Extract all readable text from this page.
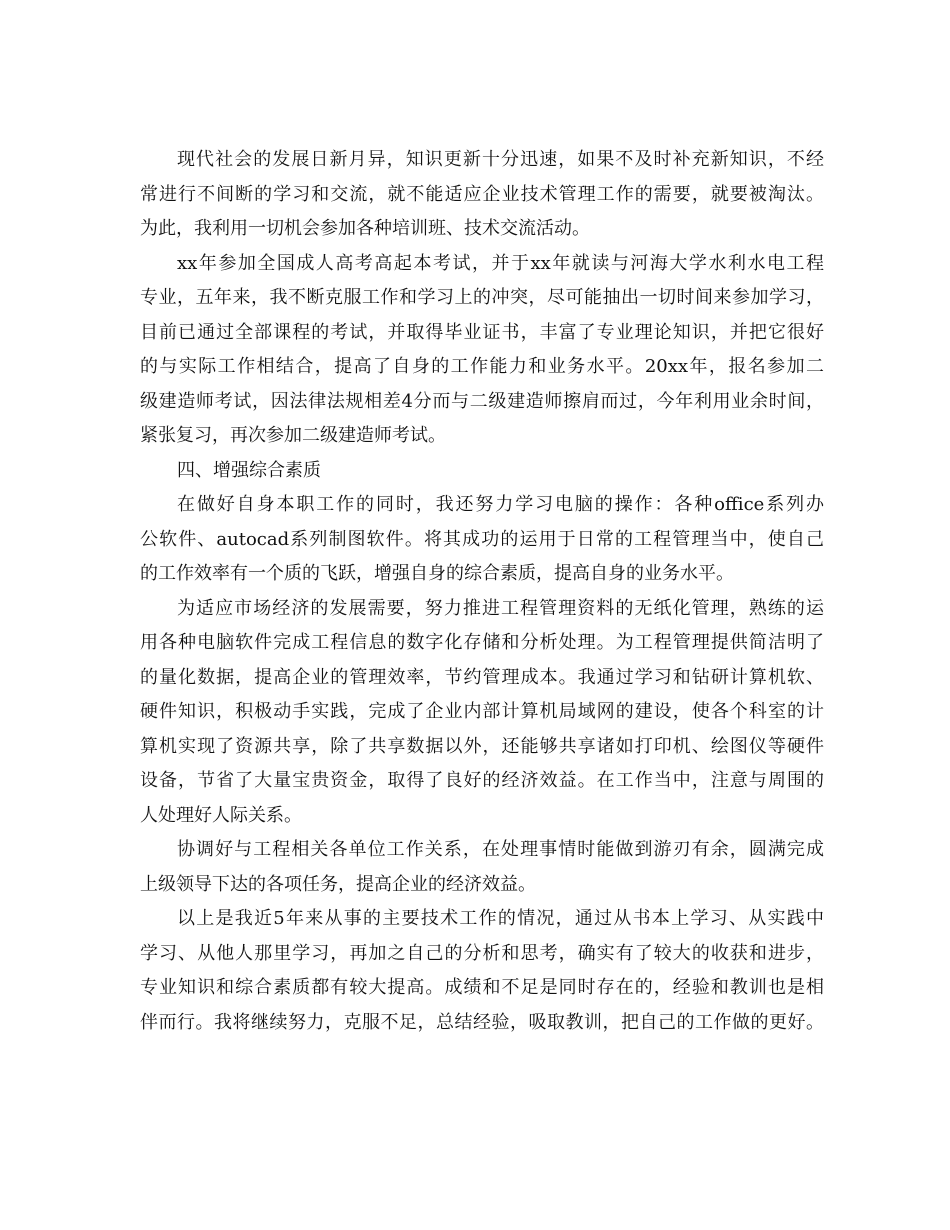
现代社会的发展日新月异，知识更新十分迅速，如果不及时补充新知识，不经
常进行不间断的学习和交流，就不能适应企业技术管理工作的需要，就要被淘汰。
为此，我利用一切机会参加各种培训班、技术交流活动。
xx年参加全国成人高考高起本考试，并于xx年就读与河海大学水利水电工程
专业，五年来，我不断克服工作和学习上的冲突，尽可能抽出一切时间来参加学习，
目前已通过全部课程的考试，并取得毕业证书，丰富了专业理论知识，并把它很好
的与实际工作相结合，提高了自身的工作能力和业务水平。20xx年，报名参加二
级建造师考试，因法律法规相差4分而与二级建造师擦肩而过，今年利用业余时间，
紧张复习，再次参加二级建造师考试。
四、增强综合素质
在做好自身本职工作的同时，我还努力学习电脑的操作：各种office系列办
公软件、autocad系列制图软件。将其成功的运用于日常的工程管理当中，使自己
的工作效率有一个质的飞跃，增强自身的综合素质，提高自身的业务水平。
为适应市场经济的发展需要，努力推进工程管理资料的无纸化管理，熟练的运
用各种电脑软件完成工程信息的数字化存储和分析处理。为工程管理提供简洁明了
的量化数据，提高企业的管理效率，节约管理成本。我通过学习和钻研计算机软、
硬件知识，积极动手实践，完成了企业内部计算机局域网的建设，使各个科室的计
算机实现了资源共享，除了共享数据以外，还能够共享诸如打印机、绘图仪等硬件
设备，节省了大量宝贵资金，取得了良好的经济效益。在工作当中，注意与周围的
人处理好人际关系。
协调好与工程相关各单位工作关系，在处理事情时能做到游刃有余，圆满完成
上级领导下达的各项任务，提高企业的经济效益。
以上是我近5年来从事的主要技术工作的情况，通过从书本上学习、从实践中
学习、从他人那里学习，再加之自己的分析和思考，确实有了较大的收获和进步，
专业知识和综合素质都有较大提高。成绩和不足是同时存在的，经验和教训也是相
伴而行。我将继续努力，克服不足，总结经验，吸取教训，把自己的工作做的更好。
